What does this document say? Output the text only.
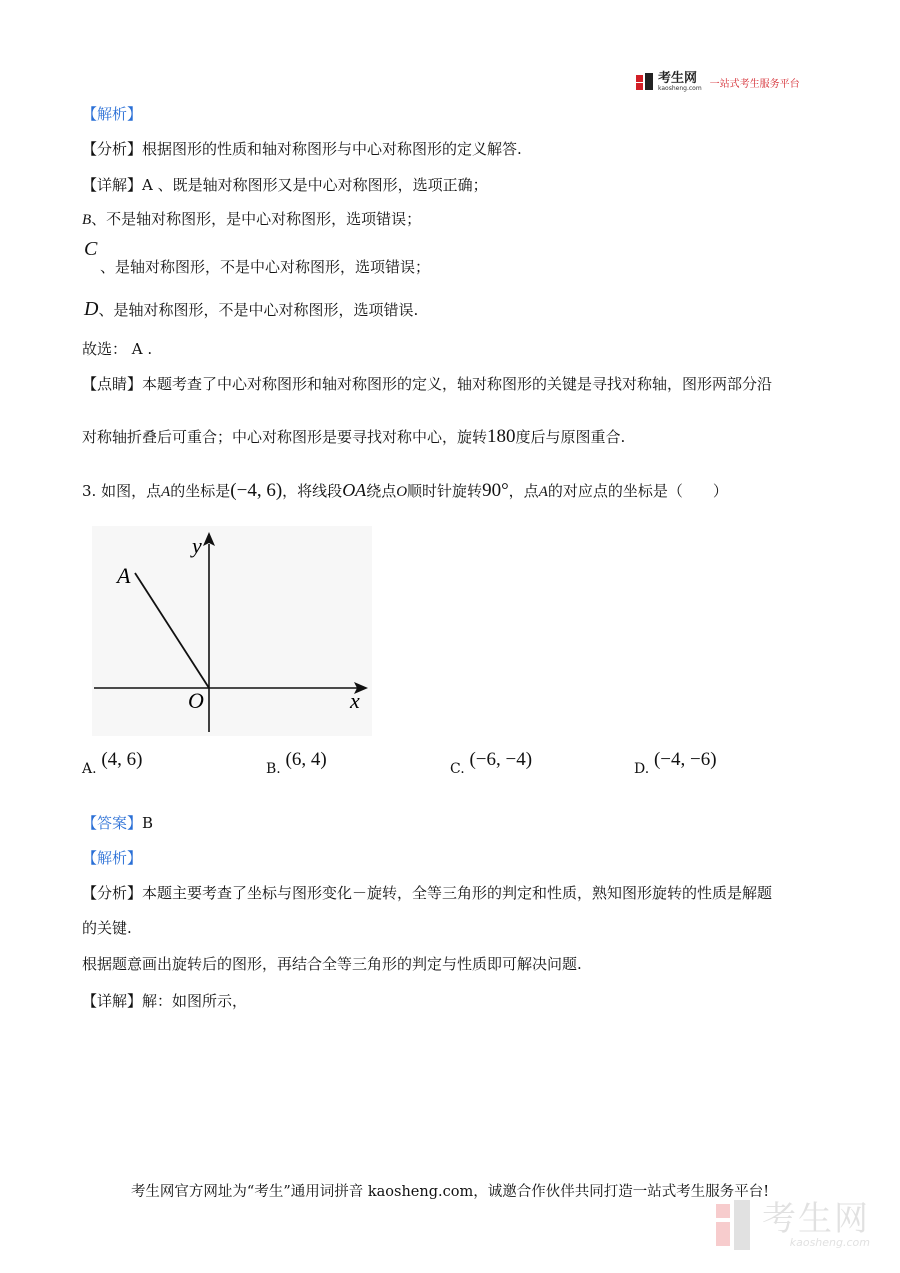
考生网
kaosheng.com 一站式考生服务平台
【解析】
【分析】根据图形的性质和轴对称图形与中心对称图形的定义解答.
【详解】A 、既是轴对称图形又是中心对称图形，选项正确；
B、不是轴对称图形，是中心对称图形，选项错误；
C
、是轴对称图形，不是中心对称图形，选项错误；
D、是轴对称图形，不是中心对称图形，选项错误.
故选： A .
【点睛】本题考查了中心对称图形和轴对称图形的定义，轴对称图形的关键是寻找对称轴，图形两部分沿
对称轴折叠后可重合；中心对称图形是要寻找对称中心，旋转180度后与原图重合.
3. 如图，点A的坐标是(−4, 6)，将线段OA绕点O顺时针旋转90°，点A的对应点的坐标是（　　）
y
x
A
O
A. (4, 6)	B. (6, 4)	C. (−6, −4)	D. (−4, −6)
【答案】B
【解析】
【分析】本题主要考查了坐标与图形变化－旋转，全等三角形的判定和性质，熟知图形旋转的性质是解题
的关键.
根据题意画出旋转后的图形，再结合全等三角形的判定与性质即可解决问题.
【详解】解：如图所示，
考生网官方网址为“考生”通用词拼音 kaosheng.com，诚邀合作伙伴共同打造一站式考生服务平台!
考生网
kaosheng.com
